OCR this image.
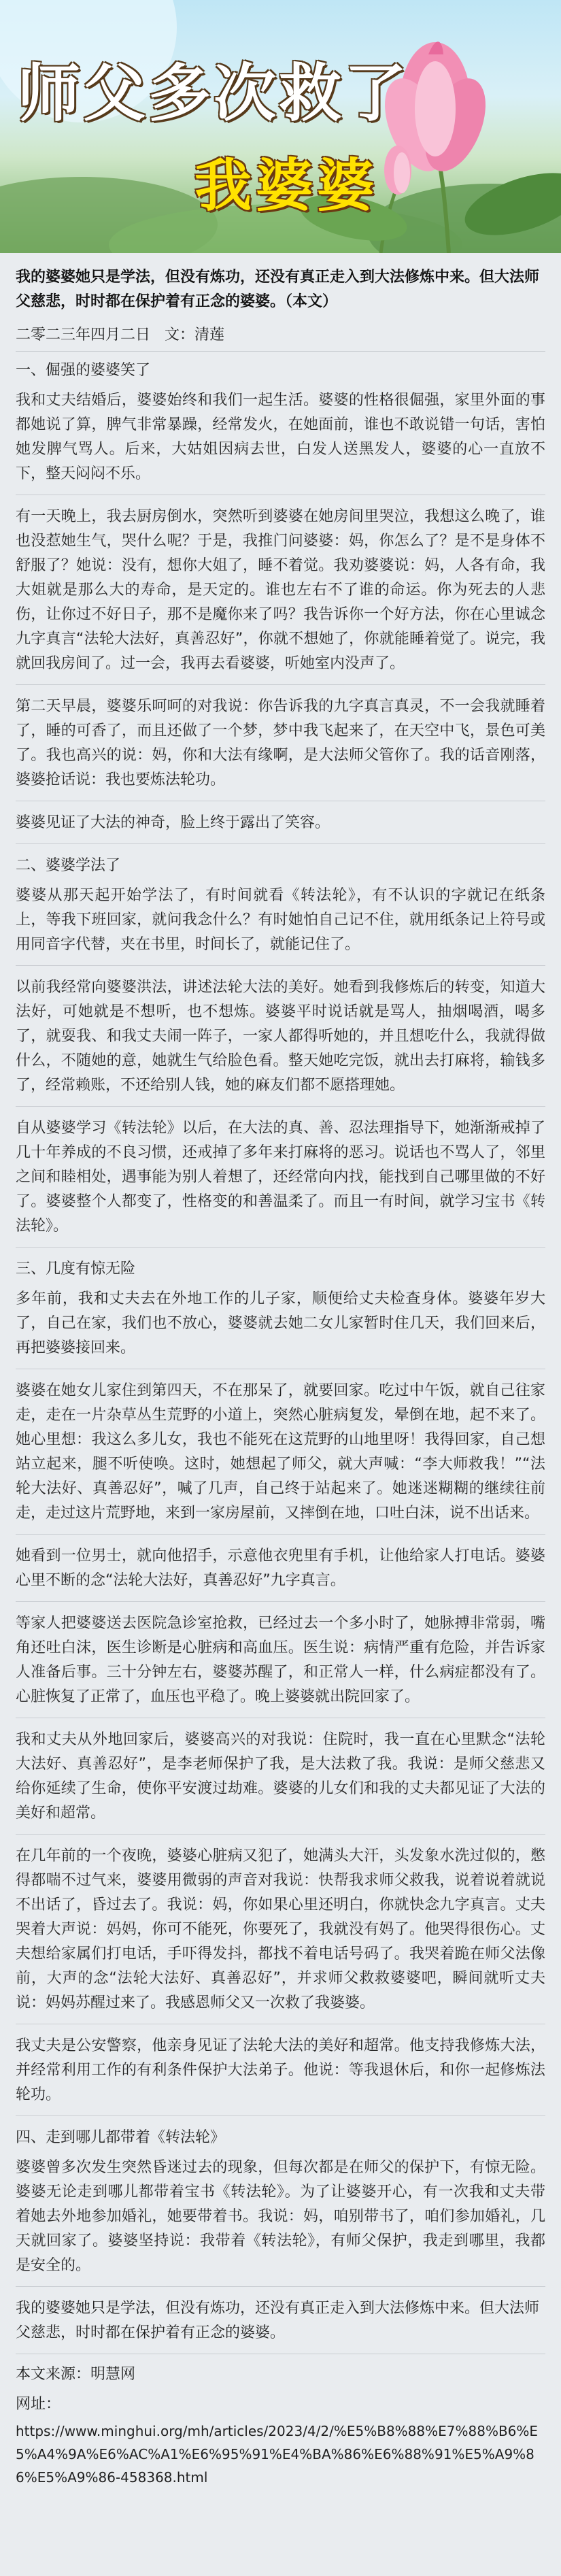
师父多次救了
我婆婆

我的婆婆她只是学法，但没有炼功，还没有真正走入到大法修炼中来。但大法师父慈悲，时时都在保护着有正念的婆婆。（本文）

二零二三年四月二日 文：清莲
一、倔强的婆婆笑了

我和丈夫结婚后，婆婆始终和我们一起生活。婆婆的性格很倔强，家里外面的事都她说了算，脾气非常暴躁，经常发火，在她面前，谁也不敢说错一句话，害怕她发脾气骂人。后来，大姑姐因病去世，白发人送黑发人，婆婆的心一直放不下，整天闷闷不乐。

有一天晚上，我去厨房倒水，突然听到婆婆在她房间里哭泣，我想这么晚了，谁也没惹她生气，哭什么呢？于是，我推门问婆婆：妈，你怎么了？是不是身体不舒服了？她说：没有，想你大姐了，睡不着觉。我劝婆婆说：妈，人各有命，我大姐就是那么大的寿命，是天定的。谁也左右不了谁的命运。你为死去的人悲伤，让你过不好日子，那不是魔你来了吗？我告诉你一个好方法，你在心里诚念九字真言“法轮大法好，真善忍好”，你就不想她了，你就能睡着觉了。说完，我就回我房间了。过一会，我再去看婆婆，听她室内没声了。

第二天早晨，婆婆乐呵呵的对我说：你告诉我的九字真言真灵，不一会我就睡着了，睡的可香了，而且还做了一个梦，梦中我飞起来了，在天空中飞，景色可美了。我也高兴的说：妈，你和大法有缘啊，是大法师父管你了。我的话音刚落，婆婆抢话说：我也要炼法轮功。

婆婆见证了大法的神奇，脸上终于露出了笑容。

二、婆婆学法了

婆婆从那天起开始学法了，有时间就看《转法轮》，有不认识的字就记在纸条上，等我下班回家，就问我念什么？有时她怕自己记不住，就用纸条记上符号或用同音字代替，夹在书里，时间长了，就能记住了。

以前我经常向婆婆洪法，讲述法轮大法的美好。她看到我修炼后的转变，知道大法好，可她就是不想听，也不想炼。婆婆平时说话就是骂人，抽烟喝酒，喝多了，就耍我、和我丈夫闹一阵子，一家人都得听她的，并且想吃什么，我就得做什么，不随她的意，她就生气给脸色看。整天她吃完饭，就出去打麻将，输钱多了，经常赖账，不还给别人钱，她的麻友们都不愿搭理她。

自从婆婆学习《转法轮》以后，在大法的真、善、忍法理指导下，她渐渐戒掉了几十年养成的不良习惯，还戒掉了多年来打麻将的恶习。说话也不骂人了，邻里之间和睦相处，遇事能为别人着想了，还经常向内找，能找到自己哪里做的不好了。婆婆整个人都变了，性格变的和善温柔了。而且一有时间，就学习宝书《转法轮》。

三、几度有惊无险

多年前，我和丈夫去在外地工作的儿子家，顺便给丈夫检查身体。婆婆年岁大了，自己在家，我们也不放心，婆婆就去她二女儿家暂时住几天，我们回来后，再把婆婆接回来。

婆婆在她女儿家住到第四天，不在那呆了，就要回家。吃过中午饭，就自己往家走，走在一片杂草丛生荒野的小道上，突然心脏病复发，晕倒在地，起不来了。她心里想：我这么多儿女，我也不能死在这荒野的山地里呀！我得回家，自己想站立起来，腿不听使唤。这时，她想起了师父，就大声喊：“李大师救我！”“法轮大法好、真善忍好”，喊了几声，自己终于站起来了。她迷迷糊糊的继续往前走，走过这片荒野地，来到一家房屋前，又摔倒在地，口吐白沫，说不出话来。

她看到一位男士，就向他招手，示意他衣兜里有手机，让他给家人打电话。婆婆心里不断的念“法轮大法好，真善忍好”九字真言。

等家人把婆婆送去医院急诊室抢救，已经过去一个多小时了，她脉搏非常弱，嘴角还吐白沫，医生诊断是心脏病和高血压。医生说：病情严重有危险，并告诉家人准备后事。三十分钟左右，婆婆苏醒了，和正常人一样，什么病症都没有了。心脏恢复了正常了，血压也平稳了。晚上婆婆就出院回家了。

我和丈夫从外地回家后，婆婆高兴的对我说：住院时，我一直在心里默念“法轮大法好、真善忍好”，是李老师保护了我，是大法救了我。我说：是师父慈悲又给你延续了生命，使你平安渡过劫难。婆婆的儿女们和我的丈夫都见证了大法的美好和超常。

在几年前的一个夜晚，婆婆心脏病又犯了，她满头大汗，头发象水洗过似的，憋得都喘不过气来，婆婆用微弱的声音对我说：快帮我求师父救我，说着说着就说不出话了，昏过去了。我说：妈，你如果心里还明白，你就快念九字真言。丈夫哭着大声说：妈妈，你可不能死，你要死了，我就没有妈了。他哭得很伤心。丈夫想给家属们打电话，手吓得发抖，都找不着电话号码了。我哭着跪在师父法像前，大声的念“法轮大法好、真善忍好”，并求师父救救婆婆吧，瞬间就听丈夫说：妈妈苏醒过来了。我感恩师父又一次救了我婆婆。

我丈夫是公安警察，他亲身见证了法轮大法的美好和超常。他支持我修炼大法，并经常利用工作的有利条件保护大法弟子。他说：等我退休后，和你一起修炼法轮功。

四、走到哪儿都带着《转法轮》

婆婆曾多次发生突然昏迷过去的现象，但每次都是在师父的保护下，有惊无险。婆婆无论走到哪儿都带着宝书《转法轮》。为了让婆婆开心，有一次我和丈夫带着她去外地参加婚礼，她要带着书。我说：妈，咱别带书了，咱们参加婚礼，几天就回家了。婆婆坚持说：我带着《转法轮》，有师父保护，我走到哪里，我都是安全的。

我的婆婆她只是学法，但没有炼功，还没有真正走入到大法修炼中来。但大法师父慈悲，时时都在保护着有正念的婆婆。

本文来源：明慧网

网址：

https://www.minghui.org/mh/articles/2023/4/2/%E5%B8%88%E7%88%B6%E5%A4%9A%E6%AC%A1%E6%95%91%E4%BA%86%E6%88%91%E5%A9%86%E5%A9%86-458368.html
